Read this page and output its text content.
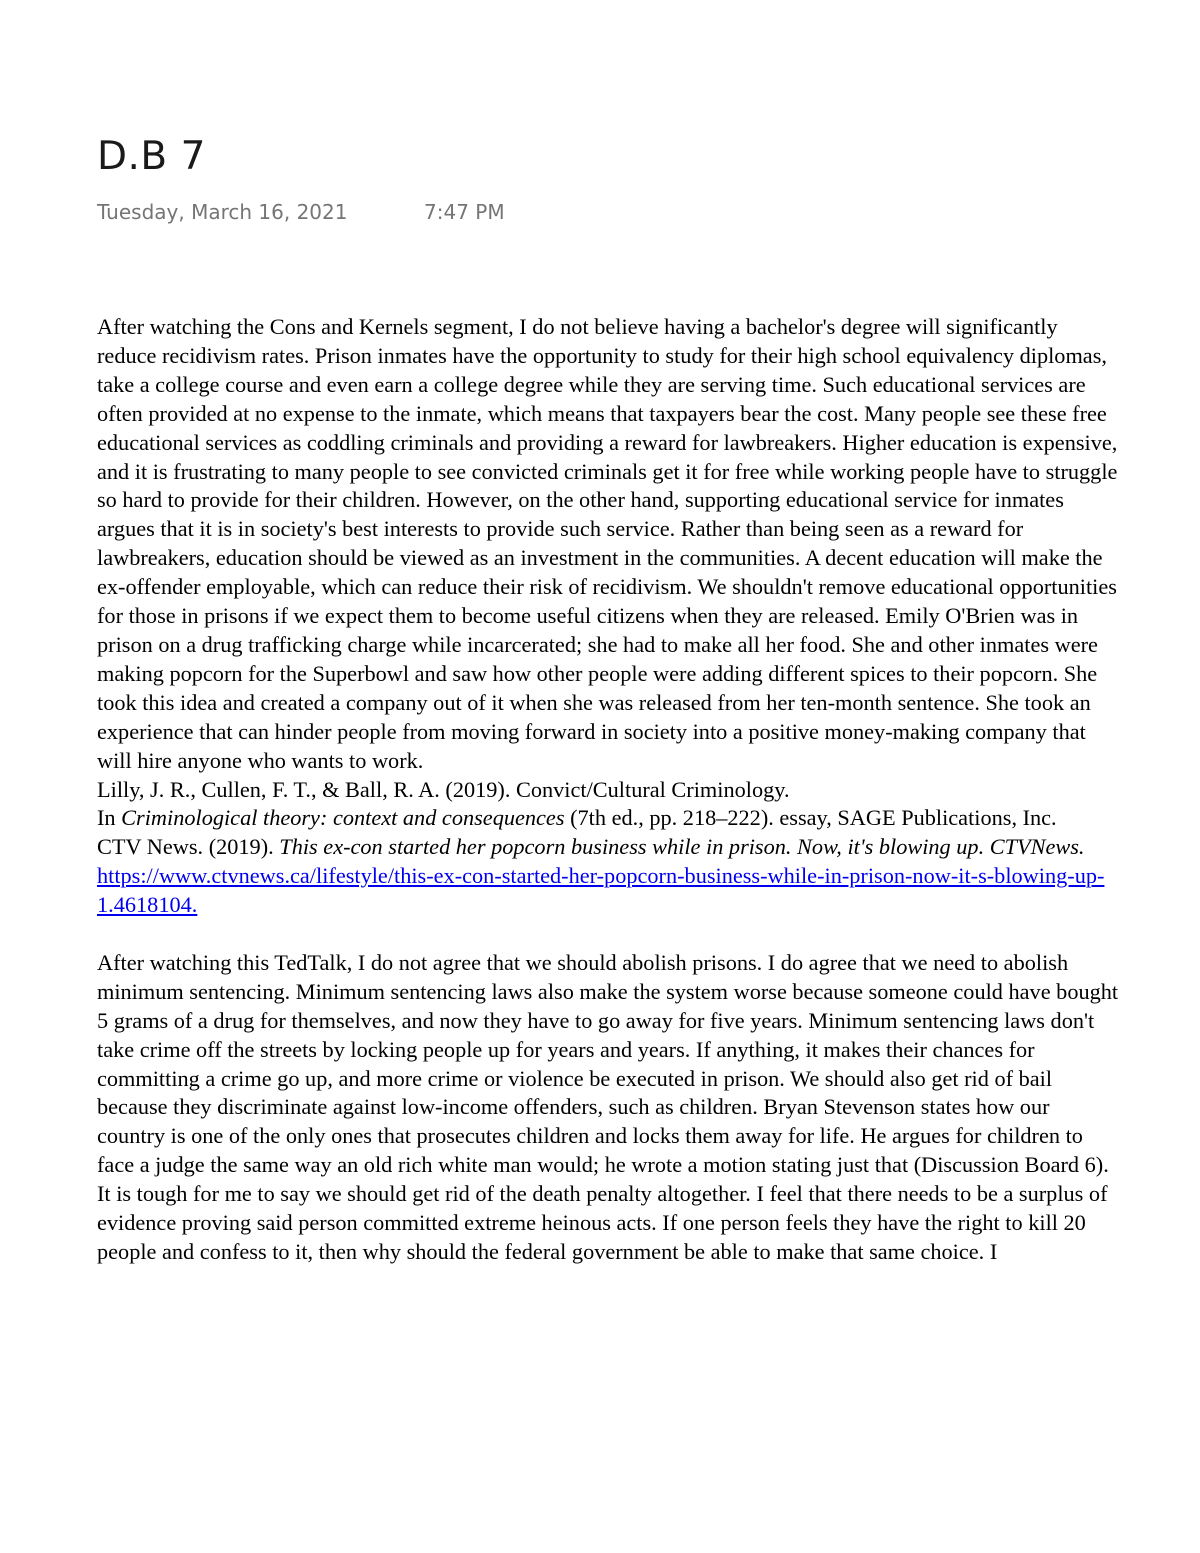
D.B 7
Tuesday, March 16, 2021	7:47 PM

After watching the Cons and Kernels segment, I do not believe having a bachelor's degree will significantly reduce recidivism rates. Prison inmates have the opportunity to study for their high school equivalency diplomas, take a college course and even earn a college degree while they are serving time. Such educational services are often provided at no expense to the inmate, which means that taxpayers bear the cost. Many people see these free educational services as coddling criminals and providing a reward for lawbreakers. Higher education is expensive, and it is frustrating to many people to see convicted criminals get it for free while working people have to struggle so hard to provide for their children. However, on the other hand, supporting educational service for inmates argues that it is in society's best interests to provide such service. Rather than being seen as a reward for lawbreakers, education should be viewed as an investment in the communities. A decent education will make the ex-offender employable, which can reduce their risk of recidivism. We shouldn't remove educational opportunities for those in prisons if we expect them to become useful citizens when they are released. Emily O'Brien was in prison on a drug trafficking charge while incarcerated; she had to make all her food. She and other inmates were making popcorn for the Superbowl and saw how other people were adding different spices to their popcorn. She took this idea and created a company out of it when she was released from her ten-month sentence. She took an experience that can hinder people from moving forward in society into a positive money-making company that will hire anyone who wants to work.

Lilly, J. R., Cullen, F. T., & Ball, R. A. (2019). Convict/Cultural Criminology.

In Criminological theory: context and consequences (7th ed., pp. 218–222). essay, SAGE Publications, Inc.

CTV News. (2019). This ex-con started her popcorn business while in prison. Now, it's blowing up. CTVNews. https://www.ctvnews.ca/lifestyle/this-ex-con-started-her-popcorn-business-while-in-prison-now-it-s-blowing-up-1.4618104.

After watching this TedTalk, I do not agree that we should abolish prisons. I do agree that we need to abolish minimum sentencing. Minimum sentencing laws also make the system worse because someone could have bought 5 grams of a drug for themselves, and now they have to go away for five years. Minimum sentencing laws don't take crime off the streets by locking people up for years and years. If anything, it makes their chances for committing a crime go up, and more crime or violence be executed in prison. We should also get rid of bail because they discriminate against low-income offenders, such as children. Bryan Stevenson states how our country is one of the only ones that prosecutes children and locks them away for life. He argues for children to face a judge the same way an old rich white man would; he wrote a motion stating just that (Discussion Board 6). It is tough for me to say we should get rid of the death penalty altogether. I feel that there needs to be a surplus of evidence proving said person committed extreme heinous acts. If one person feels they have the right to kill 20 people and confess to it, then why should the federal government be able to make that same choice. I
